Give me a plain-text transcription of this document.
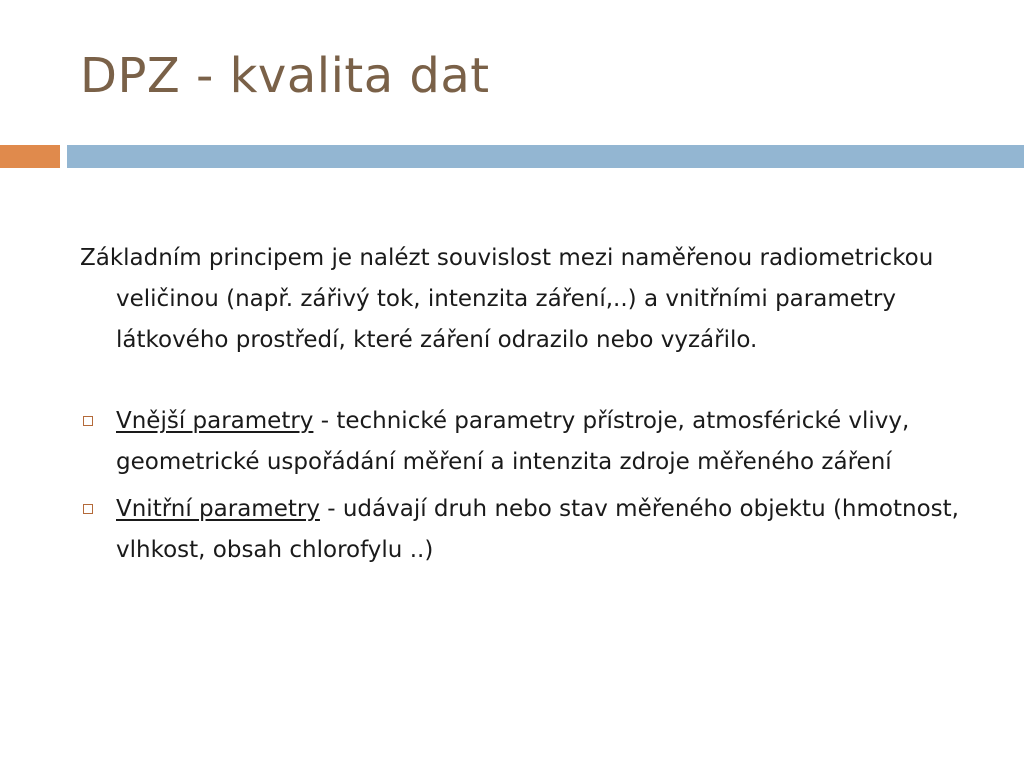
DPZ - kvalita dat

Základním principem je nalézt souvislost mezi naměřenou radiometrickou veličinou (např. zářivý tok, intenzita záření,..) a vnitřními parametry látkového prostředí, které záření odrazilo nebo vyzářilo.

Vnější parametry - technické parametry přístroje, atmosférické vlivy, geometrické uspořádání měření a intenzita zdroje měřeného záření
Vnitřní parametry - udávají druh nebo stav měřeného objektu (hmotnost, vlhkost, obsah chlorofylu ..)
